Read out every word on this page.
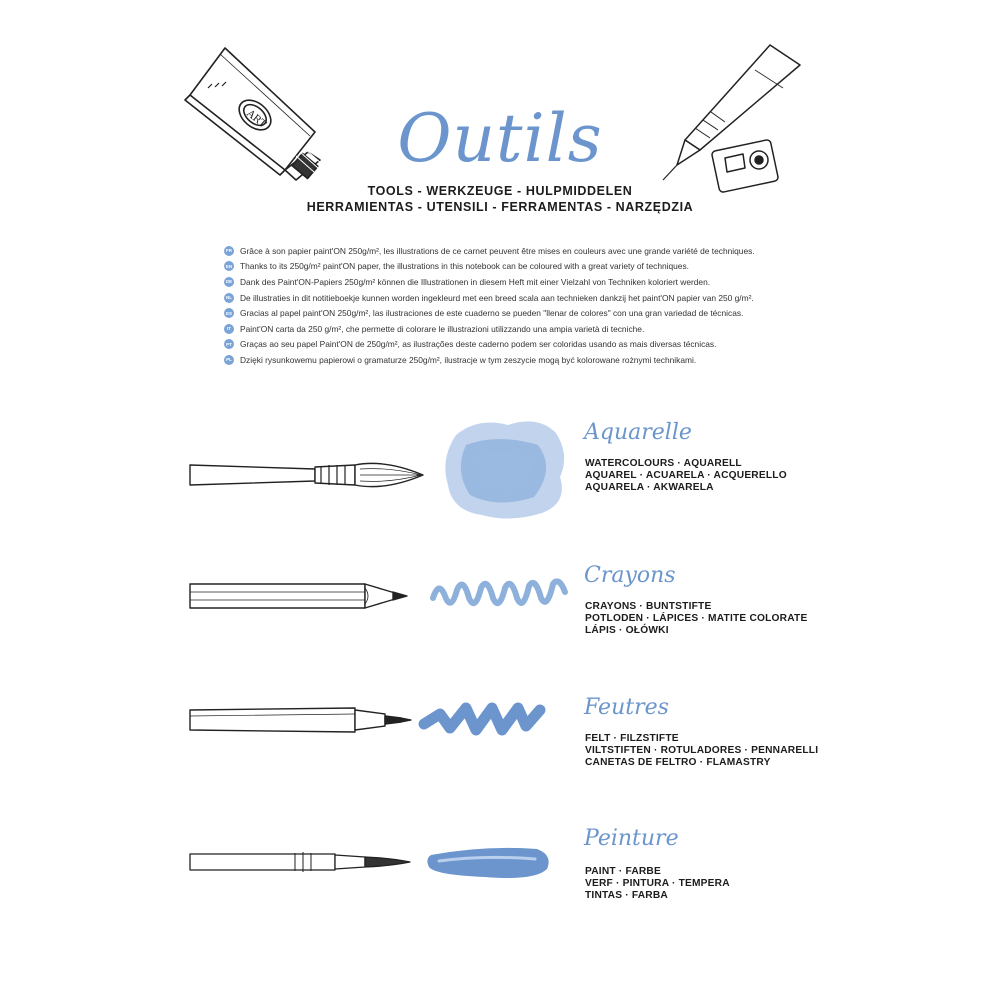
ART	Outils
TOOLS - WERKZEUGE - HULPMIDDELEN
HERRAMIENTAS - UTENSILI - FERRAMENTAS - NARZĘDZIA
FR Grâce à son papier paint'ON 250g/m², les illustrations de ce carnet peuvent être mises en couleurs avec une grande variété de techniques.
EN Thanks to its 250g/m² paint'ON paper, the illustrations in this notebook can be coloured with a great variety of techniques.
DE Dank des Paint'ON-Papiers 250g/m² können die Illustrationen in diesem Heft mit einer Vielzahl von Techniken koloriert werden.
NL De illustraties in dit notitieboekje kunnen worden ingekleurd met een breed scala aan technieken dankzij het paint'ON papier van 250 g/m².
ES Gracias al papel paint'ON 250g/m², las ilustraciones de este cuaderno se pueden "llenar de colores" con una gran variedad de técnicas.
IT	Paint'ON carta da 250 g/m², che permette di colorare le illustrazioni utilizzando una ampia varietà di tecniche.
PT Graças ao seu papel Paint'ON de 250g/m², as ilustrações deste caderno podem ser coloridas usando as mais diversas técnicas.
PL Dzięki rysunkowemu papierowi o gramaturze 250g/m², ilustracje w tym zeszycie mogą być kolorowane rożnymi technikami.
Aquarelle
WATERCOLOURS · AQUARELL
AQUAREL · ACUARELA · ACQUERELLO
AQUARELA · AKWARELA
Crayons
CRAYONS · BUNTSTIFTE
POTLODEN · LÁPICES · MATITE COLORATE
LÁPIS · OŁÓWKI
Feutres
FELT · FILZSTIFTE
VILTSTIFTEN · ROTULADORES · PENNARELLI
CANETAS DE FELTRO · FLAMASTRY
Peinture
PAINT · FARBE
VERF · PINTURA · TEMPERA
TINTAS · FARBA
